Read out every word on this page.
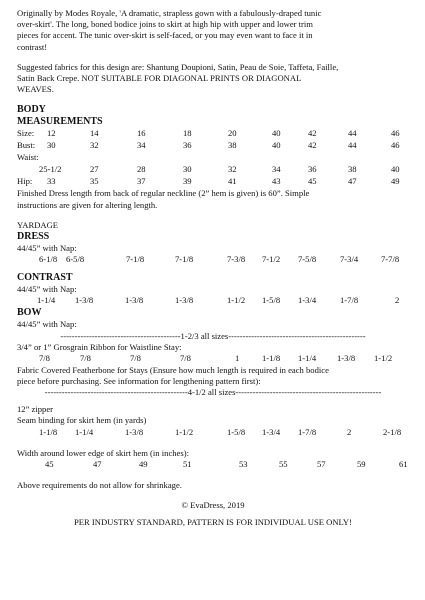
Originally by Modes Royale, 'A dramatic, strapless gown with a fabulously-draped tunic

over-skirt'. The long, boned bodice joins to skirt at high hip with upper and lower trim

pieces for accent. The tunic over-skirt is self-faced, or you may even want to face it in

contrast!

Suggested fabrics for this design are: Shantung Doupioni, Satin, Peau de Soie, Taffeta, Faille,

Satin Back Crepe. NOT SUITABLE FOR DIAGONAL PRINTS OR DIAGONAL

WEAVES.

BODY

MEASUREMENTS

Size: 12	14	16	18	20	40	42	44	46
Bust: 30	32	34	36	38	40	42	44	46
Waist:
25-1/2	27	28	30	32	34	36	38	40
Hip: 33	35	37	39	41	43	45	47	49

Finished Dress length from back of regular neckline (2” hem is given) is 60”. Simple

instructions are given for altering length.

YARDAGE

DRESS

44/45” with Nap:

6-1/8 6-5/8	7-1/8	7-1/8	7-3/8 7-1/2 7-5/8	7-3/4	7-7/8

CONTRAST

44/45” with Nap:

1-1/4 1-3/8	1-3/8	1-3/8	1-1/2 1-5/8 1-3/4	1-7/8	2

BOW

44/45” with Nap:

------------------------------------------1-2/3 all sizes------------------------------------------------

3/4” or 1” Grosgrain Ribbon for Waistline Stay:

7/8	7/8	7/8	7/8	1	1-1/8 1-1/4 1-3/8 1-1/2

Fabric Covered Featherbone for Stays (Ensure how much length is required in each bodice

piece before purchasing. See information for lengthening pattern first):

--------------------------------------------------4-1/2 all sizes---------------------------------------------------

12” zipper

Seam binding for skirt hem (in yards)

1-1/8 1-1/4	1-3/8	1-1/2	1-5/8 1-3/4 1-7/8	2	2-1/8

Width around lower edge of skirt hem (in inches):

45	47	49	51	53	55	57	59	61

Above requirements do not allow for shrinkage.

© EvaDress, 2019

PER INDUSTRY STANDARD, PATTERN IS FOR INDIVIDUAL USE ONLY!
